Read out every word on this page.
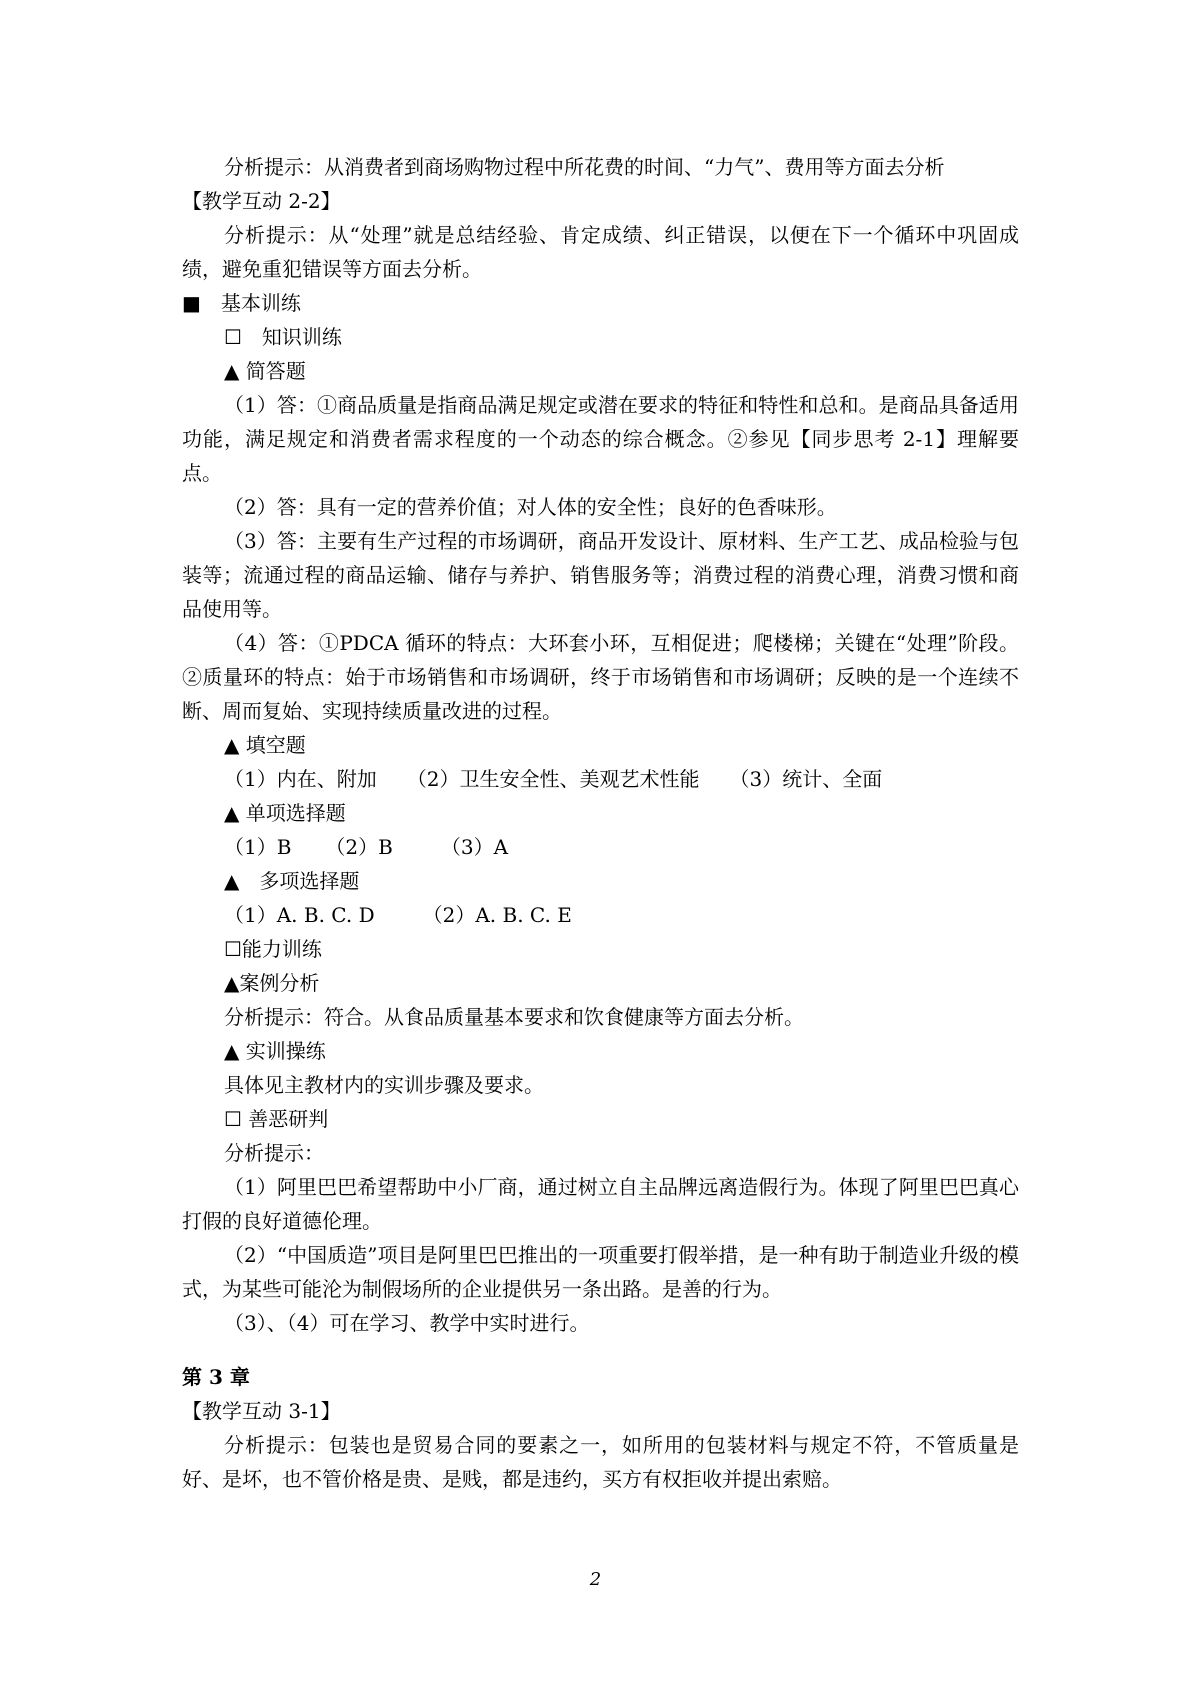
分析提示：从消费者到商场购物过程中所花费的时间、“力气”、费用等方面去分析
【教学互动 2-2】
分析提示：从“处理”就是总结经验、肯定成绩、纠正错误，以便在下一个循环中巩固成绩，避免重犯错误等方面去分析。
■　基本训练
☐　知识训练
▲ 简答题
（1）答：①商品质量是指商品满足规定或潜在要求的特征和特性和总和。是商品具备适用功能，满足规定和消费者需求程度的一个动态的综合概念。②参见【同步思考 2-1】理解要点。
（2）答：具有一定的营养价值；对人体的安全性；良好的色香味形。
（3）答：主要有生产过程的市场调研，商品开发设计、原材料、生产工艺、成品检验与包装等；流通过程的商品运输、储存与养护、销售服务等；消费过程的消费心理，消费习惯和商品使用等。
（4）答：①PDCA 循环的特点：大环套小环，互相促进；爬楼梯；关键在“处理”阶段。②质量环的特点：始于市场销售和市场调研，终于市场销售和市场调研；反映的是一个连续不断、周而复始、实现持续质量改进的过程。
▲ 填空题
（1）内在、附加 （2）卫生安全性、美观艺术性能 （3）统计、全面
▲ 单项选择题
（1）B （2）B （3）A
▲　多项选择题
（1）A. B. C. D （2）A. B. C. E
☐能力训练
▲案例分析
分析提示：符合。从食品质量基本要求和饮食健康等方面去分析。
▲ 实训操练
具体见主教材内的实训步骤及要求。
☐ 善恶研判
分析提示：
（1）阿里巴巴希望帮助中小厂商，通过树立自主品牌远离造假行为。体现了阿里巴巴真心打假的良好道德伦理。
（2）“中国质造”项目是阿里巴巴推出的一项重要打假举措，是一种有助于制造业升级的模式，为某些可能沦为制假场所的企业提供另一条出路。是善的行为。
（3）、（4）可在学习、教学中实时进行。
第 3 章
【教学互动 3-1】
分析提示：包装也是贸易合同的要素之一，如所用的包装材料与规定不符，不管质量是好、是坏，也不管价格是贵、是贱，都是违约，买方有权拒收并提出索赔。
2
